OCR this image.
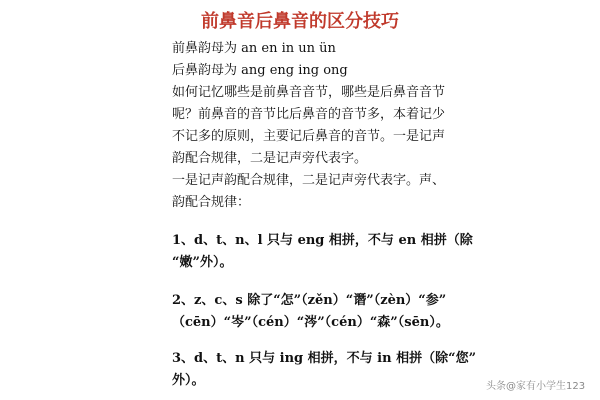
前鼻音后鼻音的区分技巧
前鼻韵母为 an en in un ün
后鼻韵母为 ang eng ing ong
如何记忆哪些是前鼻音音节，哪些是后鼻音音节
呢？前鼻音的音节比后鼻音的音节多，本着记少
不记多的原则，主要记后鼻音的音节。一是记声
韵配合规律，二是记声旁代表字。
一是记声韵配合规律，二是记声旁代表字。声、
韵配合规律：
1、d、t、n、l 只与 eng 相拼，不与 en 相拼（除
“嫩”外）。
2、z、c、s 除了“怎”（zěn）“谮”（zèn）“参”
（cēn）“岑”（cén）“涔”（cén）“森”（sēn）。
3、d、t、n 只与 ing 相拼，不与 in 相拼（除“您”
外）。	头条@家有小学生123
